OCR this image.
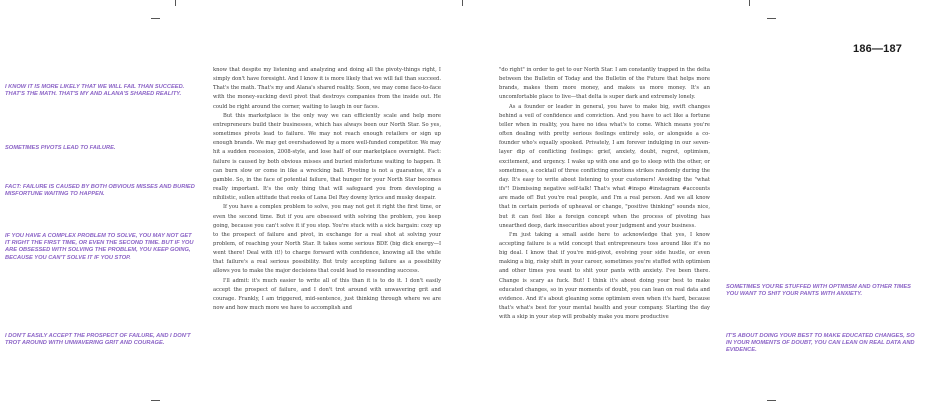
186—187

I KNOW IT IS MORE LIKELY THAT WE WILL FAIL THAN SUCCEED. THAT'S THE MATH. THAT'S MY AND ALANA'S SHARED REALITY.

SOMETIMES PIVOTS LEAD TO FAILURE.

FACT: FAILURE IS CAUSED BY BOTH OBVIOUS MISSES AND BURIED MISFORTUNE WAITING TO HAPPEN.

IF YOU HAVE A COMPLEX PROBLEM TO SOLVE, YOU MAY NOT GET IT RIGHT THE FIRST TIME, OR EVEN THE SECOND TIME. BUT IF YOU ARE OBSESSED WITH SOLVING THE PROBLEM, YOU KEEP GOING, BECAUSE YOU CAN'T SOLVE IT IF YOU STOP.

I DON'T EASILY ACCEPT THE PROSPECT OF FAILURE, AND I DON'T TROT AROUND WITH UNWAVERING GRIT AND COURAGE.

know that despite my listening and analyzing and doing all the pivoty-things right, I simply don't have foresight. And I know it is more likely that we will fail than succeed. That's the math. That's my and Alana's shared reality. Soon, we may come face-to-face with the money-sucking devil pivot that destroys companies from the inside out. He could be right around the corner, waiting to laugh in our faces.

But this marketplace is the only way we can efficiently scale and help more entrepreneurs build their businesses, which has always been our North Star. So yes, sometimes pivots lead to failure. We may not reach enough retailers or sign up enough brands. We may get overshadowed by a more well-funded competitor. We may hit a sudden recession, 2008-style, and lose half of our marketplace overnight. Fact: failure is caused by both obvious misses and buried misfortune waiting to happen. It can burn slow or come in like a wrecking ball. Pivoting is not a guarantee, it's a gamble. So, in the face of potential failure, that hunger for your North Star becomes really important. It's the only thing that will safeguard you from developing a nihilistic, sullen attitude that reeks of Lana Del Rey downy lyrics and musky despair.

If you have a complex problem to solve, you may not get it right the first time, or even the second time. But if you are obsessed with solving the problem, you keep going, because you can't solve it if you stop. You're stuck with a sick bargain: cozy up to the prospect of failure and pivot, in exchange for a real shot at solving your problem, of reaching your North Star. It takes some serious BDE (big dick energy—I went there! Deal with it!) to charge forward with confidence, knowing all the while that failure's a real serious possibility. But truly accepting failure as a possibility allows you to make the major decisions that could lead to resounding success.

I'll admit: it's much easier to write all of this than it is to do it. I don't easily accept the prospect of failure, and I don't trot around with unwavering grit and courage. Frankly, I am triggered, mid-sentence, just thinking through where we are now and how much more we have to accomplish and

"do right" in order to get to our North Star. I am constantly trapped in the delta between the Bulletin of Today and the Bulletin of the Future that helps more brands, makes them more money, and makes us more money. It's an uncomfortable place to live—that delta is super dark and extremely lonely.

As a founder or leader in general, you have to make big, swift changes behind a veil of confidence and conviction. And you have to act like a fortune teller when in reality, you have no idea what's to come. Which means you're often dealing with pretty serious feelings entirely solo, or alongside a co-founder who's equally spooked. Privately, I am forever indulging in our seven-layer dip of conflicting feelings: grief, anxiety, doubt, regret, optimism, excitement, and urgency. I wake up with one and go to sleep with the other, or sometimes, a cocktail of three conflicting emotions strikes randomly during the day. It's easy to write about listening to your customers! Avoiding the "what ifs"! Dismissing negative self-talk! That's what #inspo #instagram #accounts are made of! But you're real people, and I'm a real person. And we all know that in certain periods of upheaval or change, "positive thinking" sounds nice, but it can feel like a foreign concept when the process of pivoting has unearthed deep, dark insecurities about your judgment and your business.

I'm just taking a small aside here to acknowledge that yes, I know accepting failure is a wild concept that entrepreneurs toss around like it's no big deal. I know that if you're mid-pivot, evolving your side hustle, or even making a big, risky shift in your career, sometimes you're stuffed with optimism and other times you want to shit your pants with anxiety. I've been there. Change is scary as fuck. But! I think it's about doing your best to make educated changes, so in your moments of doubt, you can lean on real data and evidence. And it's about gleaning some optimism even when it's hard, because that's what's best for your mental health and your company. Starting the day with a skip in your step will probably make you more productive

SOMETIMES YOU'RE STUFFED WITH OPTIMISM AND OTHER TIMES YOU WANT TO SHIT YOUR PANTS WITH ANXIETY.

IT'S ABOUT DOING YOUR BEST TO MAKE EDUCATED CHANGES, SO IN YOUR MOMENTS OF DOUBT, YOU CAN LEAN ON REAL DATA AND EVIDENCE.
